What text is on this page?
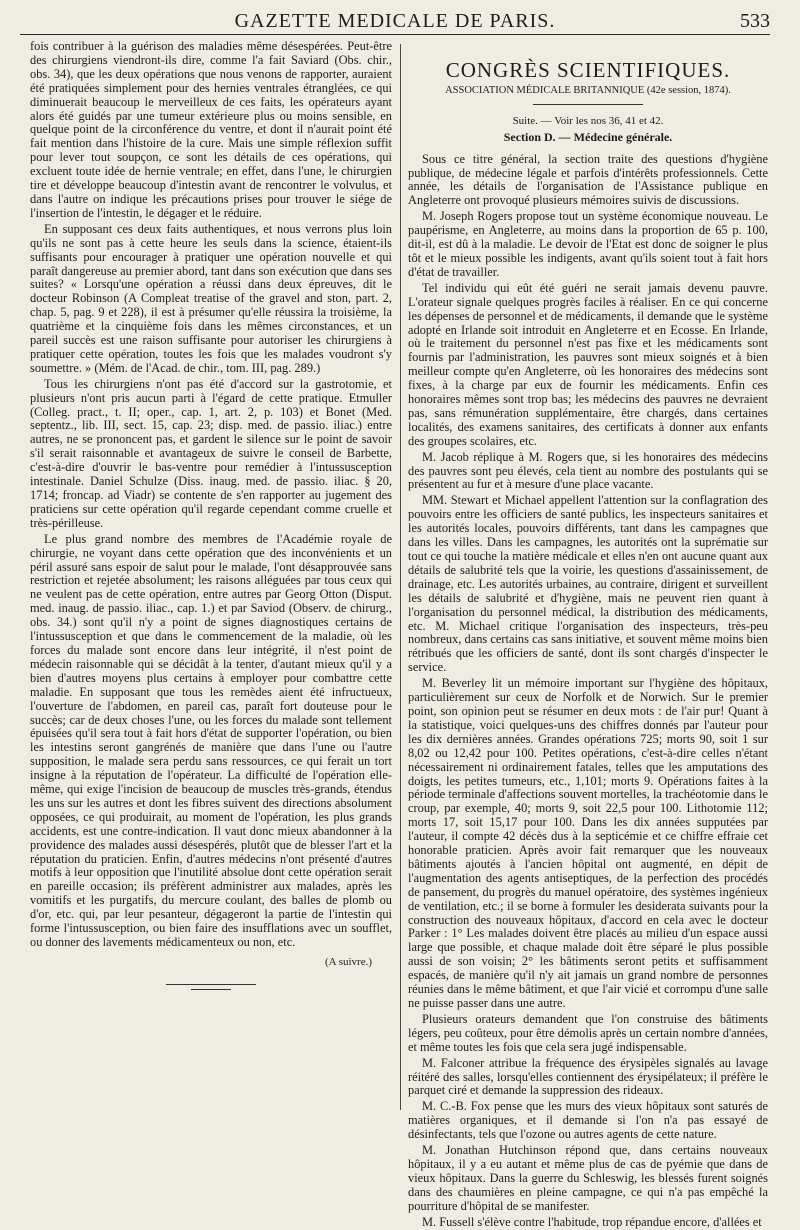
GAZETTE MEDICALE DE PARIS.	533

fois contribuer à la guérison des maladies même désespérées. Peut-être des chirurgiens viendront-ils dire, comme l'a fait Saviard (Obs. chir., obs. 34), que les deux opérations que nous venons de rapporter, auraient été pratiquées simplement pour des hernies ventrales étranglées, ce qui diminuerait beaucoup le merveilleux de ces faits, les opérateurs ayant alors été guidés par une tumeur extérieure plus ou moins sensible, en quelque point de la circonférence du ventre, et dont il n'aurait point été fait mention dans l'histoire de la cure. Mais une simple réflexion suffit pour lever tout soupçon, ce sont les détails de ces opérations, qui excluent toute idée de hernie ventrale; en effet, dans l'une, le chirurgien tire et développe beaucoup d'intestin avant de rencontrer le volvulus, et dans l'autre on indique les précautions prises pour trouver le siége de l'insertion de l'intestin, le dégager et le réduire.

En supposant ces deux faits authentiques, et nous verrons plus loin qu'ils ne sont pas à cette heure les seuls dans la science, étaient-ils suffisants pour encourager à pratiquer une opération nouvelle et qui paraît dangereuse au premier abord, tant dans son exécution que dans ses suites? « Lorsqu'une opération a réussi dans deux épreuves, dit le docteur Robinson (A Compleat treatise of the gravel and ston, part. 2, chap. 5, pag. 9 et 228), il est à présumer qu'elle réussira la troisième, la quatrième et la cinquième fois dans les mêmes circonstances, et un pareil succès est une raison suffisante pour autoriser les chirurgiens à pratiquer cette opération, toutes les fois que les malades voudront s'y soumettre. » (Mém. de l'Acad. de chir., tom. III, pag. 289.)

Tous les chirurgiens n'ont pas été d'accord sur la gastrotomie, et plusieurs n'ont pris aucun parti à l'égard de cette pratique. Etmuller (Colleg. pract., t. II; oper., cap. 1, art. 2, p. 103) et Bonet (Med. septentz., lib. III, sect. 15, cap. 23; disp. med. de passio. iliac.) entre autres, ne se prononcent pas, et gardent le silence sur le point de savoir s'il serait raisonnable et avantageux de suivre le conseil de Barbette, c'est-à-dire d'ouvrir le bas-ventre pour remédier à l'intussusception intestinale. Daniel Schulze (Diss. inaug. med. de passio. iliac. § 20, 1714; froncap. ad Viadr) se contente de s'en rapporter au jugement des praticiens sur cette opération qu'il regarde cependant comme cruelle et très-périlleuse.

Le plus grand nombre des membres de l'Académie royale de chirurgie, ne voyant dans cette opération que des inconvénients et un péril assuré sans espoir de salut pour le malade, l'ont désapprouvée sans restriction et rejetée absolument; les raisons alléguées par tous ceux qui ne veulent pas de cette opération, entre autres par Georg Otton (Disput. med. inaug. de passio. iliac., cap. 1.) et par Saviod (Observ. de chirurg., obs. 34.) sont qu'il n'y a point de signes diagnostiques certains de l'intussusception et que dans le commencement de la maladie, où les forces du malade sont encore dans leur intégrité, il n'est point de médecin raisonnable qui se décidât à la tenter, d'autant mieux qu'il y a bien d'autres moyens plus certains à employer pour combattre cette maladie. En supposant que tous les remèdes aient été infructueux, l'ouverture de l'abdomen, en pareil cas, paraît fort douteuse pour le succès; car de deux choses l'une, ou les forces du malade sont tellement épuisées qu'il sera tout à fait hors d'état de supporter l'opération, ou bien les intestins seront gangrénés de manière que dans l'une ou l'autre supposition, le malade sera perdu sans ressources, ce qui ferait un tort insigne à la réputation de l'opérateur. La difficulté de l'opération elle-même, qui exige l'incision de beaucoup de muscles très-grands, étendus les uns sur les autres et dont les fibres suivent des directions absolument opposées, ce qui produirait, au moment de l'opération, les plus grands accidents, est une contre-indication. Il vaut donc mieux abandonner à la providence des malades aussi désespérés, plutôt que de blesser l'art et la réputation du praticien. Enfin, d'autres médecins n'ont présenté d'autres motifs à leur opposition que l'inutilité absolue dont cette opération serait en pareille occasion; ils préfèrent administrer aux malades, après les vomitifs et les purgatifs, du mercure coulant, des balles de plomb ou d'or, etc. qui, par leur pesanteur, dégageront la partie de l'intestin qui forme l'intussusception, ou bien faire des insufflations avec un soufflet, ou donner des lavements médicamenteux ou non, etc.

(A suivre.)
CONGRÈS SCIENTIFIQUES.
ASSOCIATION MÉDICALE BRITANNIQUE (42e session, 1874).
Suite. — Voir les nos 36, 41 et 42.
Section D. — Médecine générale.

Sous ce titre général, la section traite des questions d'hygiène publique, de médecine légale et parfois d'intérêts professionnels. Cette année, les détails de l'organisation de l'Assistance publique en Angleterre ont provoqué plusieurs mémoires suivis de discussions.

M. Joseph Rogers propose tout un système économique nouveau. Le paupérisme, en Angleterre, au moins dans la proportion de 65 p. 100, dit-il, est dû à la maladie. Le devoir de l'Etat est donc de soigner le plus tôt et le mieux possible les indigents, avant qu'ils soient tout à fait hors d'état de travailler.

Tel individu qui eût été guéri ne serait jamais devenu pauvre. L'orateur signale quelques progrès faciles à réaliser. En ce qui concerne les dépenses de personnel et de médicaments, il demande que le système adopté en Irlande soit introduit en Angleterre et en Ecosse. En Irlande, où le traitement du personnel n'est pas fixe et les médicaments sont fournis par l'administration, les pauvres sont mieux soignés et à bien meilleur compte qu'en Angleterre, où les honoraires des médecins sont fixes, à la charge par eux de fournir les médicaments. Enfin ces honoraires mêmes sont trop bas; les médecins des pauvres ne devraient pas, sans rémunération supplémentaire, être chargés, dans certaines localités, des examens sanitaires, des certificats à donner aux enfants des groupes scolaires, etc.

M. Jacob réplique à M. Rogers que, si les honoraires des médecins des pauvres sont peu élevés, cela tient au nombre des postulants qui se présentent au fur et à mesure d'une place vacante.

MM. Stewart et Michael appellent l'attention sur la conflagration des pouvoirs entre les officiers de santé publics, les inspecteurs sanitaires et les autorités locales, pouvoirs différents, tant dans les campagnes que dans les villes. Dans les campagnes, les autorités ont la suprématie sur tout ce qui touche la matière médicale et elles n'en ont aucune quant aux détails de salubrité tels que la voirie, les questions d'assainissement, de drainage, etc. Les autorités urbaines, au contraire, dirigent et surveillent les détails de salubrité et d'hygiène, mais ne peuvent rien quant à l'organisation du personnel médical, la distribution des médicaments, etc. M. Michael critique l'organisation des inspecteurs, très-peu nombreux, dans certains cas sans initiative, et souvent même moins bien rétribués que les officiers de santé, dont ils sont chargés d'inspecter le service.

M. Beverley lit un mémoire important sur l'hygiène des hôpitaux, particulièrement sur ceux de Norfolk et de Norwich. Sur le premier point, son opinion peut se résumer en deux mots : de l'air pur! Quant à la statistique, voici quelques-uns des chiffres donnés par l'auteur pour les dix dernières années. Grandes opérations 725; morts 90, soit 1 sur 8,02 ou 12,42 pour 100. Petites opérations, c'est-à-dire celles n'étant nécessairement ni ordinairement fatales, telles que les amputations des doigts, les petites tumeurs, etc., 1,101; morts 9. Opérations faites à la période terminale d'affections souvent mortelles, la trachéotomie dans le croup, par exemple, 40; morts 9, soit 22,5 pour 100. Lithotomie 112; morts 17, soit 15,17 pour 100. Dans les dix années supputées par l'auteur, il compte 42 décès dus à la septicémie et ce chiffre effraie cet honorable praticien. Après avoir fait remarquer que les nouveaux bâtiments ajoutés à l'ancien hôpital ont augmenté, en dépit de l'augmentation des agents antiseptiques, de la perfection des procédés de pansement, du progrès du manuel opératoire, des systèmes ingénieux de ventilation, etc.; il se borne à formuler les desiderata suivants pour la construction des nouveaux hôpitaux, d'accord en cela avec le docteur Parker : 1° Les malades doivent être placés au milieu d'un espace aussi large que possible, et chaque malade doit être séparé le plus possible aussi de son voisin; 2° les bâtiments seront petits et suffisamment espacés, de manière qu'il n'y ait jamais un grand nombre de personnes réunies dans le même bâtiment, et que l'air vicié et corrompu d'une salle ne puisse passer dans une autre.

Plusieurs orateurs demandent que l'on construise des bâtiments légers, peu coûteux, pour être démolis après un certain nombre d'années, et même toutes les fois que cela sera jugé indispensable.

M. Falconer attribue la fréquence des érysipèles signalés au lavage réitéré des salles, lorsqu'elles contiennent des érysipélateux; il préfère le parquet ciré et demande la suppression des rideaux.

M. C.-B. Fox pense que les murs des vieux hôpitaux sont saturés de matières organiques, et il demande si l'on n'a pas essayé de désinfectants, tels que l'ozone ou autres agents de cette nature.

M. Jonathan Hutchinson répond que, dans certains nouveaux hôpitaux, il y a eu autant et même plus de cas de pyémie que dans de vieux hôpitaux. Dans la guerre du Schleswig, les blessés furent soignés dans des chaumières en pleine campagne, ce qui n'a pas empêché la pourriture d'hôpital de se manifester.

M. Fussell s'élève contre l'habitude, trop répandue encore, d'allées et
